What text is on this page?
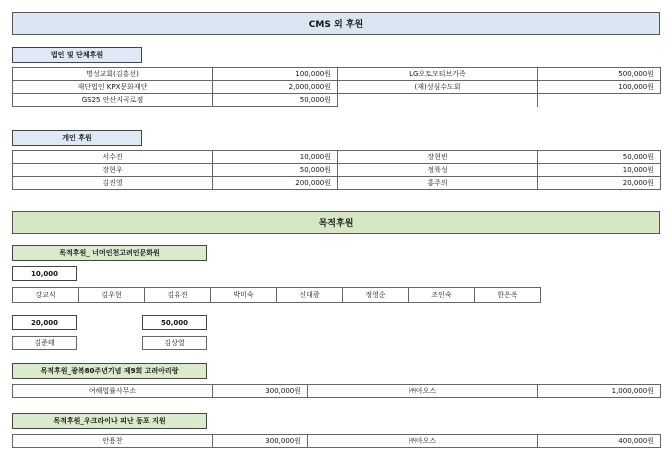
CMS 외 후원
법인 및 단체후원
명성교회(김흥선)	100,000원	LG오토모티브가족	500,000원
재단법인 KPX문화재단	2,000,000원	(재)성심수도회	100,000원
GS25 안산지곡로점	50,000원		
개인 후원
서수진	10,000원	장현빈	50,000원
장현우	50,000원	정륙성	10,000원
김진영	200,000원	홍주의	20,000원
목적후원
목적후원_ 너머인천고려인문화원
10,000
강교식	김우현	김유진	박미숙	신대광	정영순	조인숙	한은옥
20,000	50,000
김준태	김상열
목적후원_광복80주년기념 제9회 고려아리랑
여해법률사무소	300,000원	㈜아오스	1,000,000원
목적후원_우크라이나 피난 동포 지원
안용찬	300,000원	㈜아오스	400,000원
